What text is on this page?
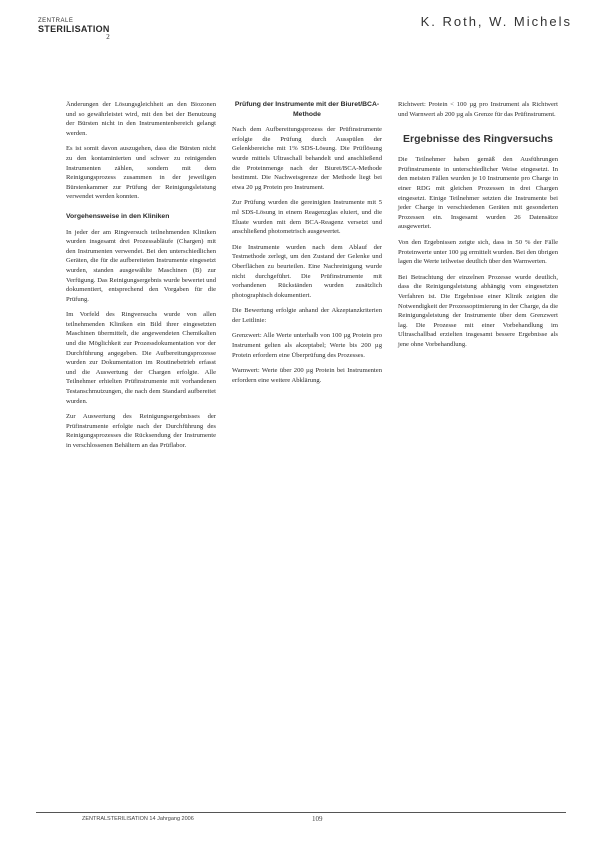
ZENTRALE
STERILISATION
2
K. Roth, W. Michels

Änderungen der Lösungsgleichheit an den Biozonen und so gewährleistet wird, mit den bei der Benutzung der Bürsten nicht in den Instrumentenbereich gelangt werden.

Es ist somit davon auszugehen, dass die Bürsten nicht zu den kontaminierten und schwer zu reinigenden Instrumenten zählen, sondern mit dem Reinigungsprozess zusammen in der jeweiligen Bürstenkammer zur Prüfung der Reinigungsleistung verwendet werden konnten.

Vorgehensweise in den Kliniken

In jeder der am Ringversuch teilnehmenden Kliniken wurden insgesamt drei Prozessabläufe (Chargen) mit den Instrumenten verwendet. Bei den unterschiedlichen Geräten, die für die aufbereiteten Instrumente eingesetzt wurden, standen ausgewählte Maschinen (B) zur Verfügung. Das Reinigungsergebnis wurde bewertet und dokumentiert, entsprechend den Vorgaben für die Prüfung.

Im Vorfeld des Ringversuchs wurde von allen teilnehmenden Kliniken ein Bild ihrer eingesetzten Maschinen übermittelt, die angewendeten Chemikalien und die Möglichkeit zur Prozessdokumentation vor der Durchführung angegeben. Die Aufbereitungsprozesse wurden zur Dokumentation im Routinebetrieb erfasst und die Auswertung der Chargen erfolgte. Alle Teilnehmer erhielten Prüfinstrumente mit vorhandenen Testanschmutzungen, die nach dem Standard aufbereitet wurden.

Zur Auswertung des Reinigungsergebnisses der Prüfinstrumente erfolgte nach der Durchführung des Reinigungsprozesses die Rücksendung der Instrumente in verschlossenen Behältern an das Prüflabor.

Prüfung der Instrumente mit der Biuret/BCA-Methode

Nach dem Aufbereitungsprozess der Prüfinstrumente erfolgte die Prüfung durch Ausspülen der Gelenkbereiche mit 1% SDS-Lösung. Die Prüflösung wurde mittels Ultraschall behandelt und anschließend die Proteinmenge nach der Biuret/BCA-Methode bestimmt. Die Nachweisgrenze der Methode liegt bei etwa 20 µg Protein pro Instrument.

Zur Prüfung wurden die gereinigten Instrumente mit 5 ml SDS-Lösung in einem Reagenzglas eluiert, und die Eluate wurden mit dem BCA-Reagenz versetzt und anschließend photometrisch ausgewertet.

Die Instrumente wurden nach dem Ablauf der Testmethode zerlegt, um den Zustand der Gelenke und Oberflächen zu beurteilen. Eine Nachreinigung wurde nicht durchgeführt. Die Prüfinstrumente mit vorhandenen Rückständen wurden zusätzlich photographisch dokumentiert.

Die Bewertung erfolgte anhand der Akzeptanzkriterien der Leitlinie:

Grenzwert: Alle Werte unterhalb von 100 µg Protein pro Instrument gelten als akzeptabel; Werte bis 200 µg Protein erfordern eine Überprüfung des Prozesses.

Warnwert: Werte über 200 µg Protein bei Instrumenten erfordern eine weitere Abklärung.

Richtwert: Protein < 100 µg pro Instrument als Richtwert und Warnwert ab 200 µg als Grenze für das Prüfinstrument.

Ergebnisse des Ringversuchs

Die Teilnehmer haben gemäß den Ausführungen Prüfinstrumente in unterschiedlicher Weise eingesetzt. In den meisten Fällen wurden je 10 Instrumente pro Charge in einer RDG mit gleichen Prozessen in drei Chargen eingesetzt. Einige Teilnehmer setzten die Instrumente bei jeder Charge in verschiedenen Geräten mit gesonderten Prozessen ein. Insgesamt wurden 26 Datensätze ausgewertet.

Von den Ergebnissen zeigte sich, dass in 50 % der Fälle Proteinwerte unter 100 µg ermittelt wurden. Bei den übrigen lagen die Werte teilweise deutlich über den Warnwerten.

Bei Betrachtung der einzelnen Prozesse wurde deutlich, dass die Reinigungsleistung abhängig vom eingesetzten Verfahren ist. Die Ergebnisse einer Klinik zeigten die Notwendigkeit der Prozessoptimierung in der Charge, da die Reinigungsleistung der Instrumente über dem Grenzwert lag. Die Prozesse mit einer Vorbehandlung im Ultraschallbad erzielten insgesamt bessere Ergebnisse als jene ohne Vorbehandlung.

ZENTRALSTERILISATION 14 Jahrgang 2006	109
